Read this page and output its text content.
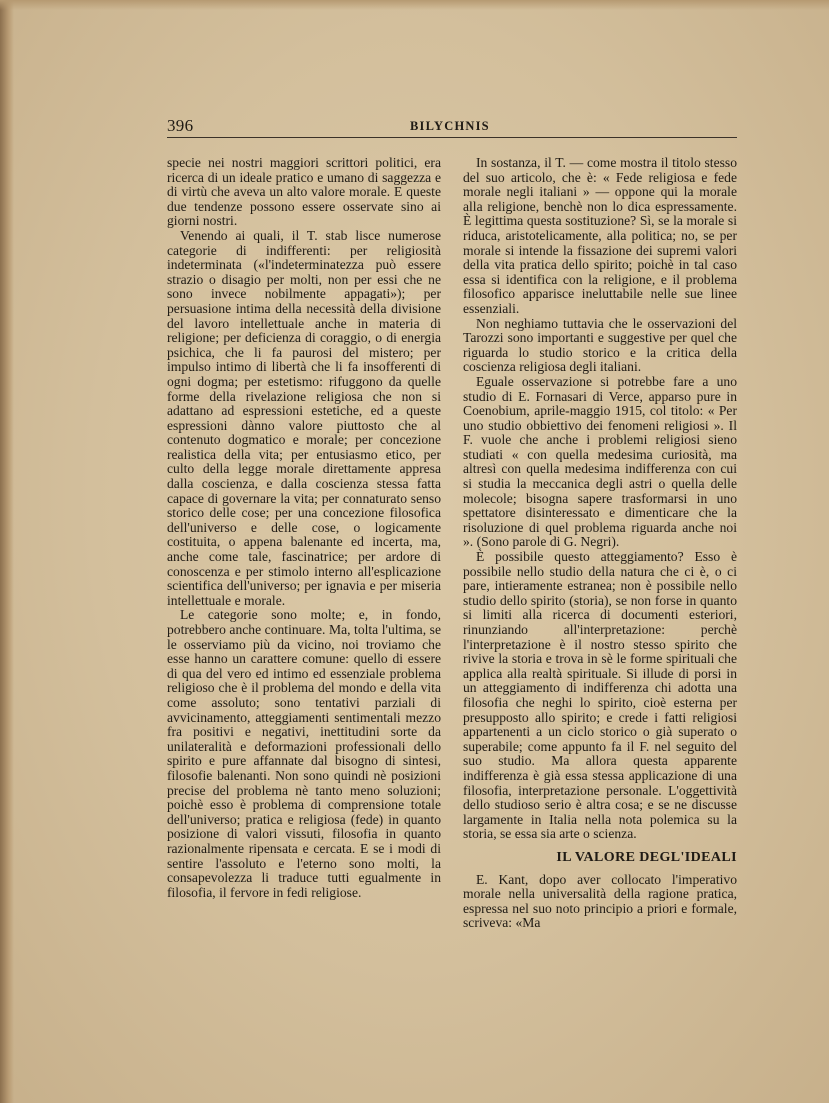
396	BILYCHNIS

specie nei nostri maggiori scrittori politici, era ricerca di un ideale pratico e umano di saggezza e di virtù che aveva un alto valore morale. E queste due tendenze possono essere osservate sino ai giorni nostri.

Venendo ai quali, il T. stab lisce numerose categorie di indifferenti: per religiosità indeterminata («l'indeterminatezza può essere strazio o disagio per molti, non per essi che ne sono invece nobilmente appagati»); per persuasione intima della necessità della divisione del lavoro intellettuale anche in materia di religione; per deficienza di coraggio, o di energia psichica, che li fa paurosi del mistero; per impulso intimo di libertà che li fa insofferenti di ogni dogma; per estetismo: rifuggono da quelle forme della rivelazione religiosa che non si adattano ad espressioni estetiche, ed a queste espressioni dànno valore piuttosto che al contenuto dogmatico e morale; per concezione realistica della vita; per entusiasmo etico, per culto della legge morale direttamente appresa dalla coscienza, e dalla coscienza stessa fatta capace di governare la vita; per connaturato senso storico delle cose; per una concezione filosofica dell'universo e delle cose, o logicamente costituita, o appena balenante ed incerta, ma, anche come tale, fascinatrice; per ardore di conoscenza e per stimolo interno all'esplicazione scientifica dell'universo; per ignavia e per miseria intellettuale e morale.

Le categorie sono molte; e, in fondo, potrebbero anche continuare. Ma, tolta l'ultima, se le osserviamo più da vicino, noi troviamo che esse hanno un carattere comune: quello di essere di qua del vero ed intimo ed essenziale problema religioso che è il problema del mondo e della vita come assoluto; sono tentativi parziali di avvicinamento, atteggiamenti sentimentali mezzo fra positivi e negativi, inettitudini sorte da unilateralità e deformazioni professionali dello spirito e pure affannate dal bisogno di sintesi, filosofie balenanti. Non sono quindi nè posizioni precise del problema nè tanto meno soluzioni; poichè esso è problema di comprensione totale dell'universo; pratica e religiosa (fede) in quanto posizione di valori vissuti, filosofia in quanto razionalmente ripensata e cercata. E se i modi di sentire l'assoluto e l'eterno sono molti, la consapevolezza li traduce tutti egualmente in filosofia, il fervore in fedi religiose.

In sostanza, il T. — come mostra il titolo stesso del suo articolo, che è: « Fede religiosa e fede morale negli italiani » — oppone qui la morale alla religione, benchè non lo dica espressamente. È legittima questa sostituzione? Sì, se la morale si riduca, aristotelicamente, alla politica; no, se per morale si intende la fissazione dei supremi valori della vita pratica dello spirito; poichè in tal caso essa si identifica con la religione, e il problema filosofico apparisce ineluttabile nelle sue linee essenziali.

Non neghiamo tuttavia che le osservazioni del Tarozzi sono importanti e suggestive per quel che riguarda lo studio storico e la critica della coscienza religiosa degli italiani.

Eguale osservazione si potrebbe fare a uno studio di E. Fornasari di Verce, apparso pure in Coenobium, aprile-maggio 1915, col titolo: « Per uno studio obbiettivo dei fenomeni religiosi ». Il F. vuole che anche i problemi religiosi sieno studiati « con quella medesima curiosità, ma altresì con quella medesima indifferenza con cui si studia la meccanica degli astri o quella delle molecole; bisogna sapere trasformarsi in uno spettatore disinteressato e dimenticare che la risoluzione di quel problema riguarda anche noi ». (Sono parole di G. Negri).

È possibile questo atteggiamento? Esso è possibile nello studio della natura che ci è, o ci pare, intieramente estranea; non è possibile nello studio dello spirito (storia), se non forse in quanto si limiti alla ricerca di documenti esteriori, rinunziando all'interpretazione: perchè l'interpretazione è il nostro stesso spirito che rivive la storia e trova in sè le forme spirituali che applica alla realtà spirituale. Si illude di porsi in un atteggiamento di indifferenza chi adotta una filosofia che neghi lo spirito, cioè esterna per presupposto allo spirito; e crede i fatti religiosi appartenenti a un ciclo storico o già superato o superabile; come appunto fa il F. nel seguito del suo studio. Ma allora questa apparente indifferenza è già essa stessa applicazione di una filosofia, interpretazione personale. L'oggettività dello studioso serio è altra cosa; e se ne discusse largamente in Italia nella nota polemica su la storia, se essa sia arte o scienza.

IL VALORE DEGL'IDEALI

E. Kant, dopo aver collocato l'imperativo morale nella universalità della ragione pratica, espressa nel suo noto principio a priori e formale, scriveva: «Ma
